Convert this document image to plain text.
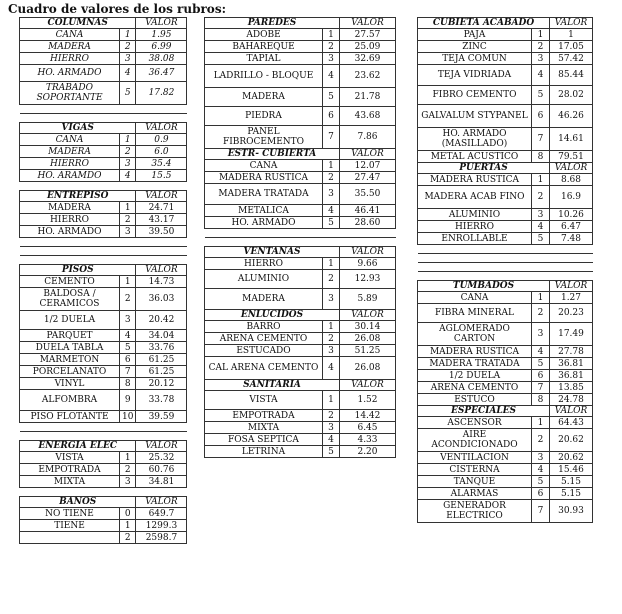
Cuadro de valores de los rubros:
COLUMNAS		VALOR
CAÑA	1	1.95
MADERA	2	6.99
HIERRO	3	38.08
HO. ARMADO	4	36.47
TRABADO SOPORTANTE	5	17.82

VIGAS		VALOR
CAÑA	1	0.9
MADERA	2	6.0
HIERRO	3	35.4
HO. ARAMDO	4	15.5

ENTREPISO		VALOR
MADERA	1	24.71
HIERRO	2	43.17
HO. ARMADO	3	39.50

PISOS		VALOR
CEMENTO	1	14.73
BALDOSA / CERAMICOS	2	36.03
1/2 DUELA	3	20.42
PARQUET	4	34.04
DUELA TABLA	5	33.76
MARMETON	6	61.25
PORCELANATO	7	61.25
VINYL	8	20.12
ALFOMBRA	9	33.78
PISO FLOTANTE	10	39.59

ENERGIA ELEC		VALOR
VISTA	1	25.32
EMPOTRADA	2	60.76
MIXTA	3	34.81

BAÑOS		VALOR
NO TIENE	0	649.7
TIENE	1	1299.3
	2	2598.7
PAREDES		VALOR
ADOBE	1	27.57
BAHAREQUE	2	25.09
TAPIAL	3	32.69
LADRILLO - BLOQUE	4	23.62
MADERA	5	21.78
PIEDRA	6	43.68
PANEL FIBROCEMENTO	7	7.86
ESTR- CUBIERTA		VALOR
CAÑA	1	12.07
MADERA RUSTICA	2	27.47
MADERA TRATADA	3	35.50
METALICA	4	46.41
HO. ARMADO	5	28.60

VENTANAS		VALOR
HIERRO	1	9.66
ALUMINIO	2	12.93
MADERA	3	5.89
ENLUCIDOS		VALOR
BARRO	1	30.14
ARENA CEMENTO	2	26.08
ESTUCADO	3	51.25
CAL ARENA CEMENTO	4	26.08
SANITARIA		VALOR
VISTA	1	1.52
EMPOTRADA	2	14.42
MIXTA	3	6.45
FOSA SEPTICA	4	4.33
LETRINA	5	2.20
CUBIETA ACABADO		VALOR
PAJA	1	1
ZINC	2	17.05
TEJA COMUN	3	57.42
TEJA VIDRIADA	4	85.44
FIBRO CEMENTO	5	28.02
GALVALUM STYPANEL	6	46.26
HO. ARMADO (MASILLADO)	7	14.61
METAL ACUSTICO	8	79.51
PUERTAS		VALOR
MADERA RUSTICA	1	8.68
MADERA ACAB FINO	2	16.9
ALUMINIO	3	10.26
HIERRO	4	6.47
ENROLLABLE	5	7.48

TUMBADOS		VALOR
CAÑA	1	1.27
FIBRA MINERAL	2	20.23
AGLOMERADO CARTON	3	17.49
MADERA RUSTICA	4	27.78
MADERA TRATADA	5	36.81
1/2 DUELA	6	36.81
ARENA CEMENTO	7	13.85
ESTUCO	8	24.78
ESPECIALES		VALOR
ASCENSOR	1	64.43
AIRE ACONDICIONADO	2	20.62
VENTILACION	3	20.62
CISTERNA	4	15.46
TANQUE	5	5.15
ALARMAS	6	5.15
GENERADOR ELECTRICO	7	30.93
